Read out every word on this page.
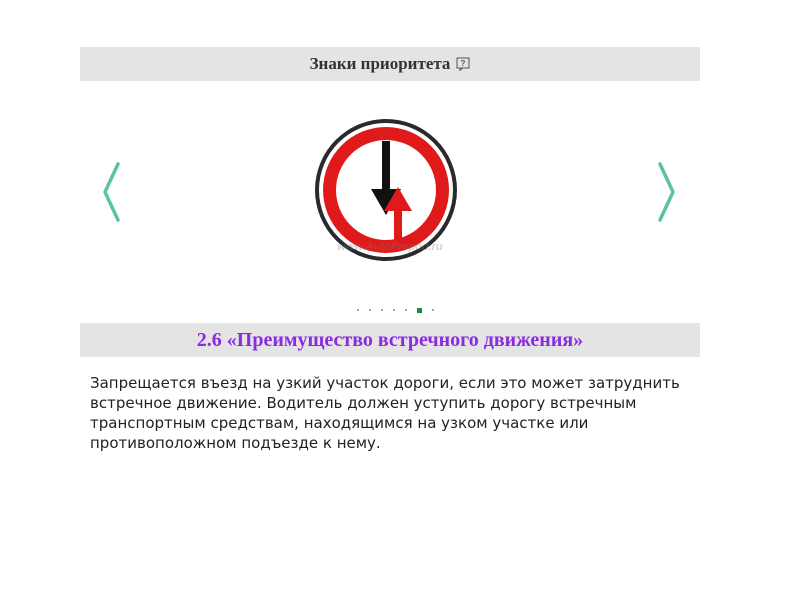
Знаки приоритета ?
www.AutoPrepod.ru
2.6 «Преимущество встречного движения»

Запрещается въезд на узкий участок дороги, если это может затруднить встречное движение. Водитель должен уступить дорогу встречным транспортным средствам, находящимся на узком участке или противоположном подъезде к нему.
